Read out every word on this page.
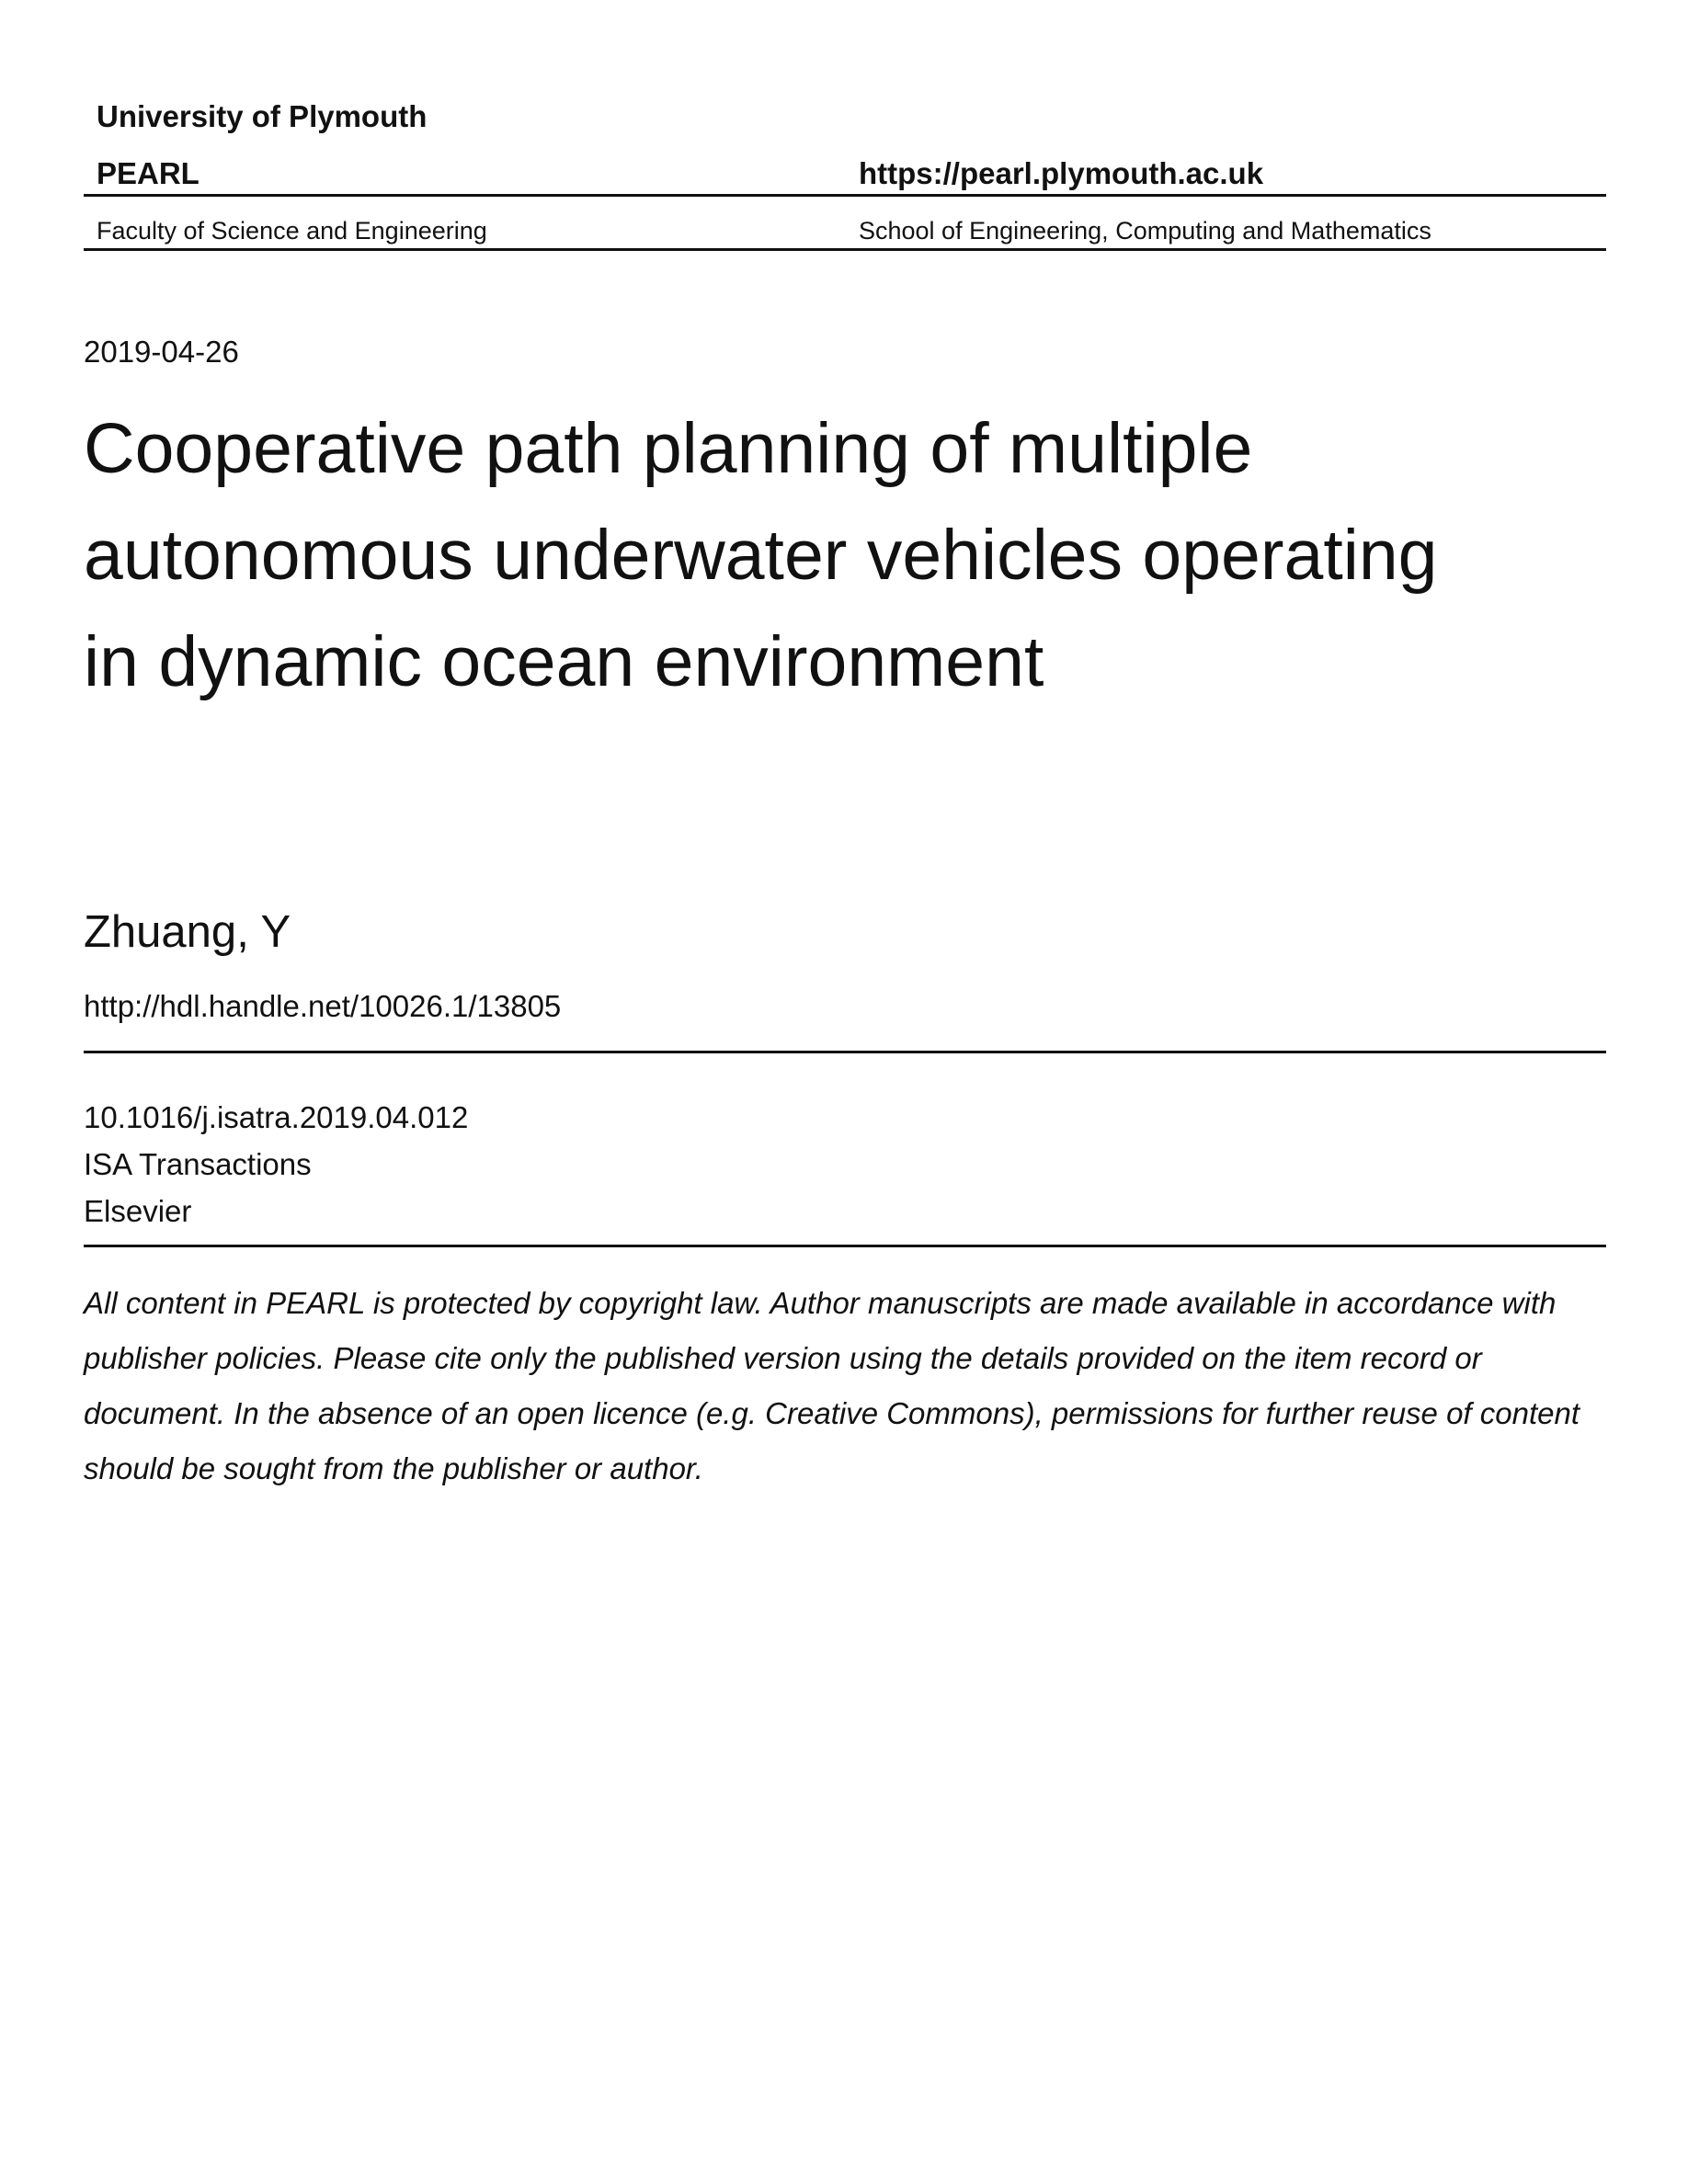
University of Plymouth
PEARL	https://pearl.plymouth.ac.uk
Faculty of Science and Engineering	School of Engineering, Computing and Mathematics
2019-04-26
Cooperative path planning of multiple autonomous underwater vehicles operating in dynamic ocean environment
Zhuang, Y
http://hdl.handle.net/10026.1/13805
10.1016/j.isatra.2019.04.012
ISA Transactions
Elsevier

All content in PEARL is protected by copyright law. Author manuscripts are made available in accordance with publisher policies. Please cite only the published version using the details provided on the item record or document. In the absence of an open licence (e.g. Creative Commons), permissions for further reuse of content should be sought from the publisher or author.
